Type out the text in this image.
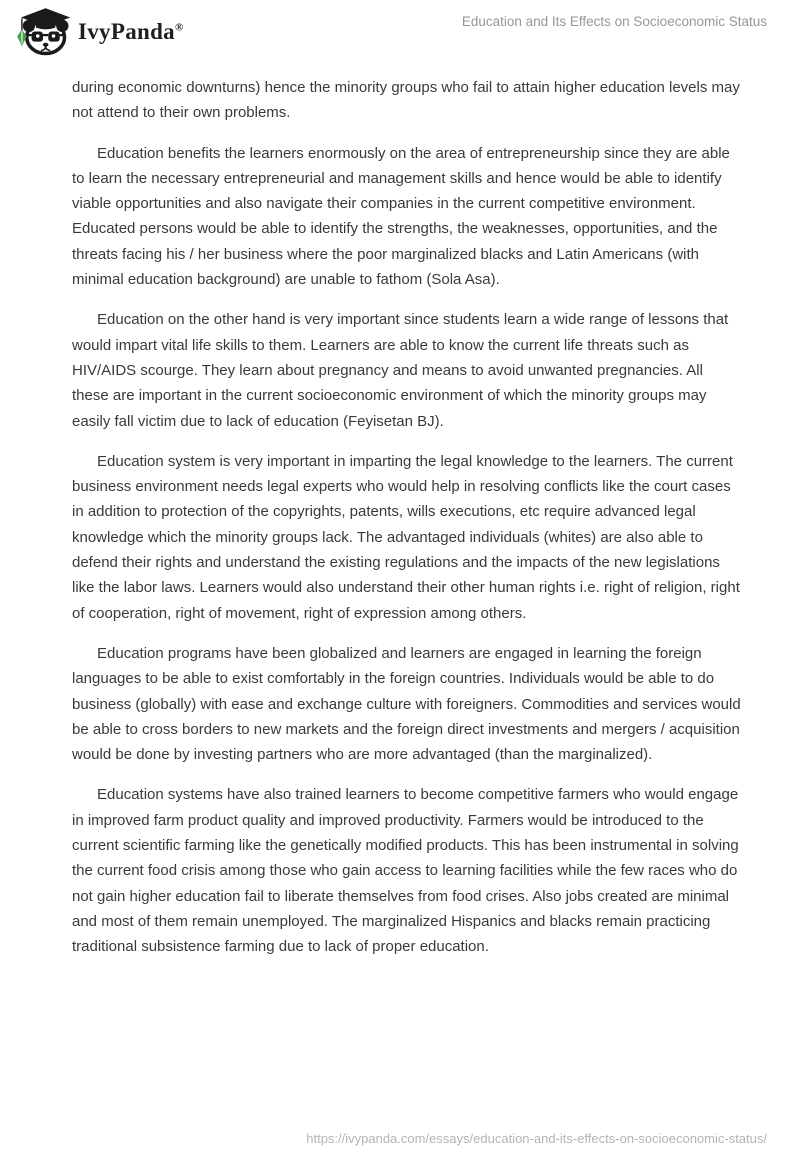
IvyPanda®	Education and Its Effects on Socioeconomic Status

during economic downturns) hence the minority groups who fail to attain higher education levels may not attend to their own problems.

Education benefits the learners enormously on the area of entrepreneurship since they are able to learn the necessary entrepreneurial and management skills and hence would be able to identify viable opportunities and also navigate their companies in the current competitive environment. Educated persons would be able to identify the strengths, the weaknesses, opportunities, and the threats facing his / her business where the poor marginalized blacks and Latin Americans (with minimal education background) are unable to fathom (Sola Asa).

Education on the other hand is very important since students learn a wide range of lessons that would impart vital life skills to them. Learners are able to know the current life threats such as HIV/AIDS scourge. They learn about pregnancy and means to avoid unwanted pregnancies. All these are important in the current socioeconomic environment of which the minority groups may easily fall victim due to lack of education (Feyisetan BJ).

Education system is very important in imparting the legal knowledge to the learners. The current business environment needs legal experts who would help in resolving conflicts like the court cases in addition to protection of the copyrights, patents, wills executions, etc require advanced legal knowledge which the minority groups lack. The advantaged individuals (whites) are also able to defend their rights and understand the existing regulations and the impacts of the new legislations like the labor laws. Learners would also understand their other human rights i.e. right of religion, right of cooperation, right of movement, right of expression among others.

Education programs have been globalized and learners are engaged in learning the foreign languages to be able to exist comfortably in the foreign countries. Individuals would be able to do business (globally) with ease and exchange culture with foreigners. Commodities and services would be able to cross borders to new markets and the foreign direct investments and mergers / acquisition would be done by investing partners who are more advantaged (than the marginalized).

Education systems have also trained learners to become competitive farmers who would engage in improved farm product quality and improved productivity. Farmers would be introduced to the current scientific farming like the genetically modified products. This has been instrumental in solving the current food crisis among those who gain access to learning facilities while the few races who do not gain higher education fail to liberate themselves from food crises. Also jobs created are minimal and most of them remain unemployed. The marginalized Hispanics and blacks remain practicing traditional subsistence farming due to lack of proper education.

https://ivypanda.com/essays/education-and-its-effects-on-socioeconomic-status/
